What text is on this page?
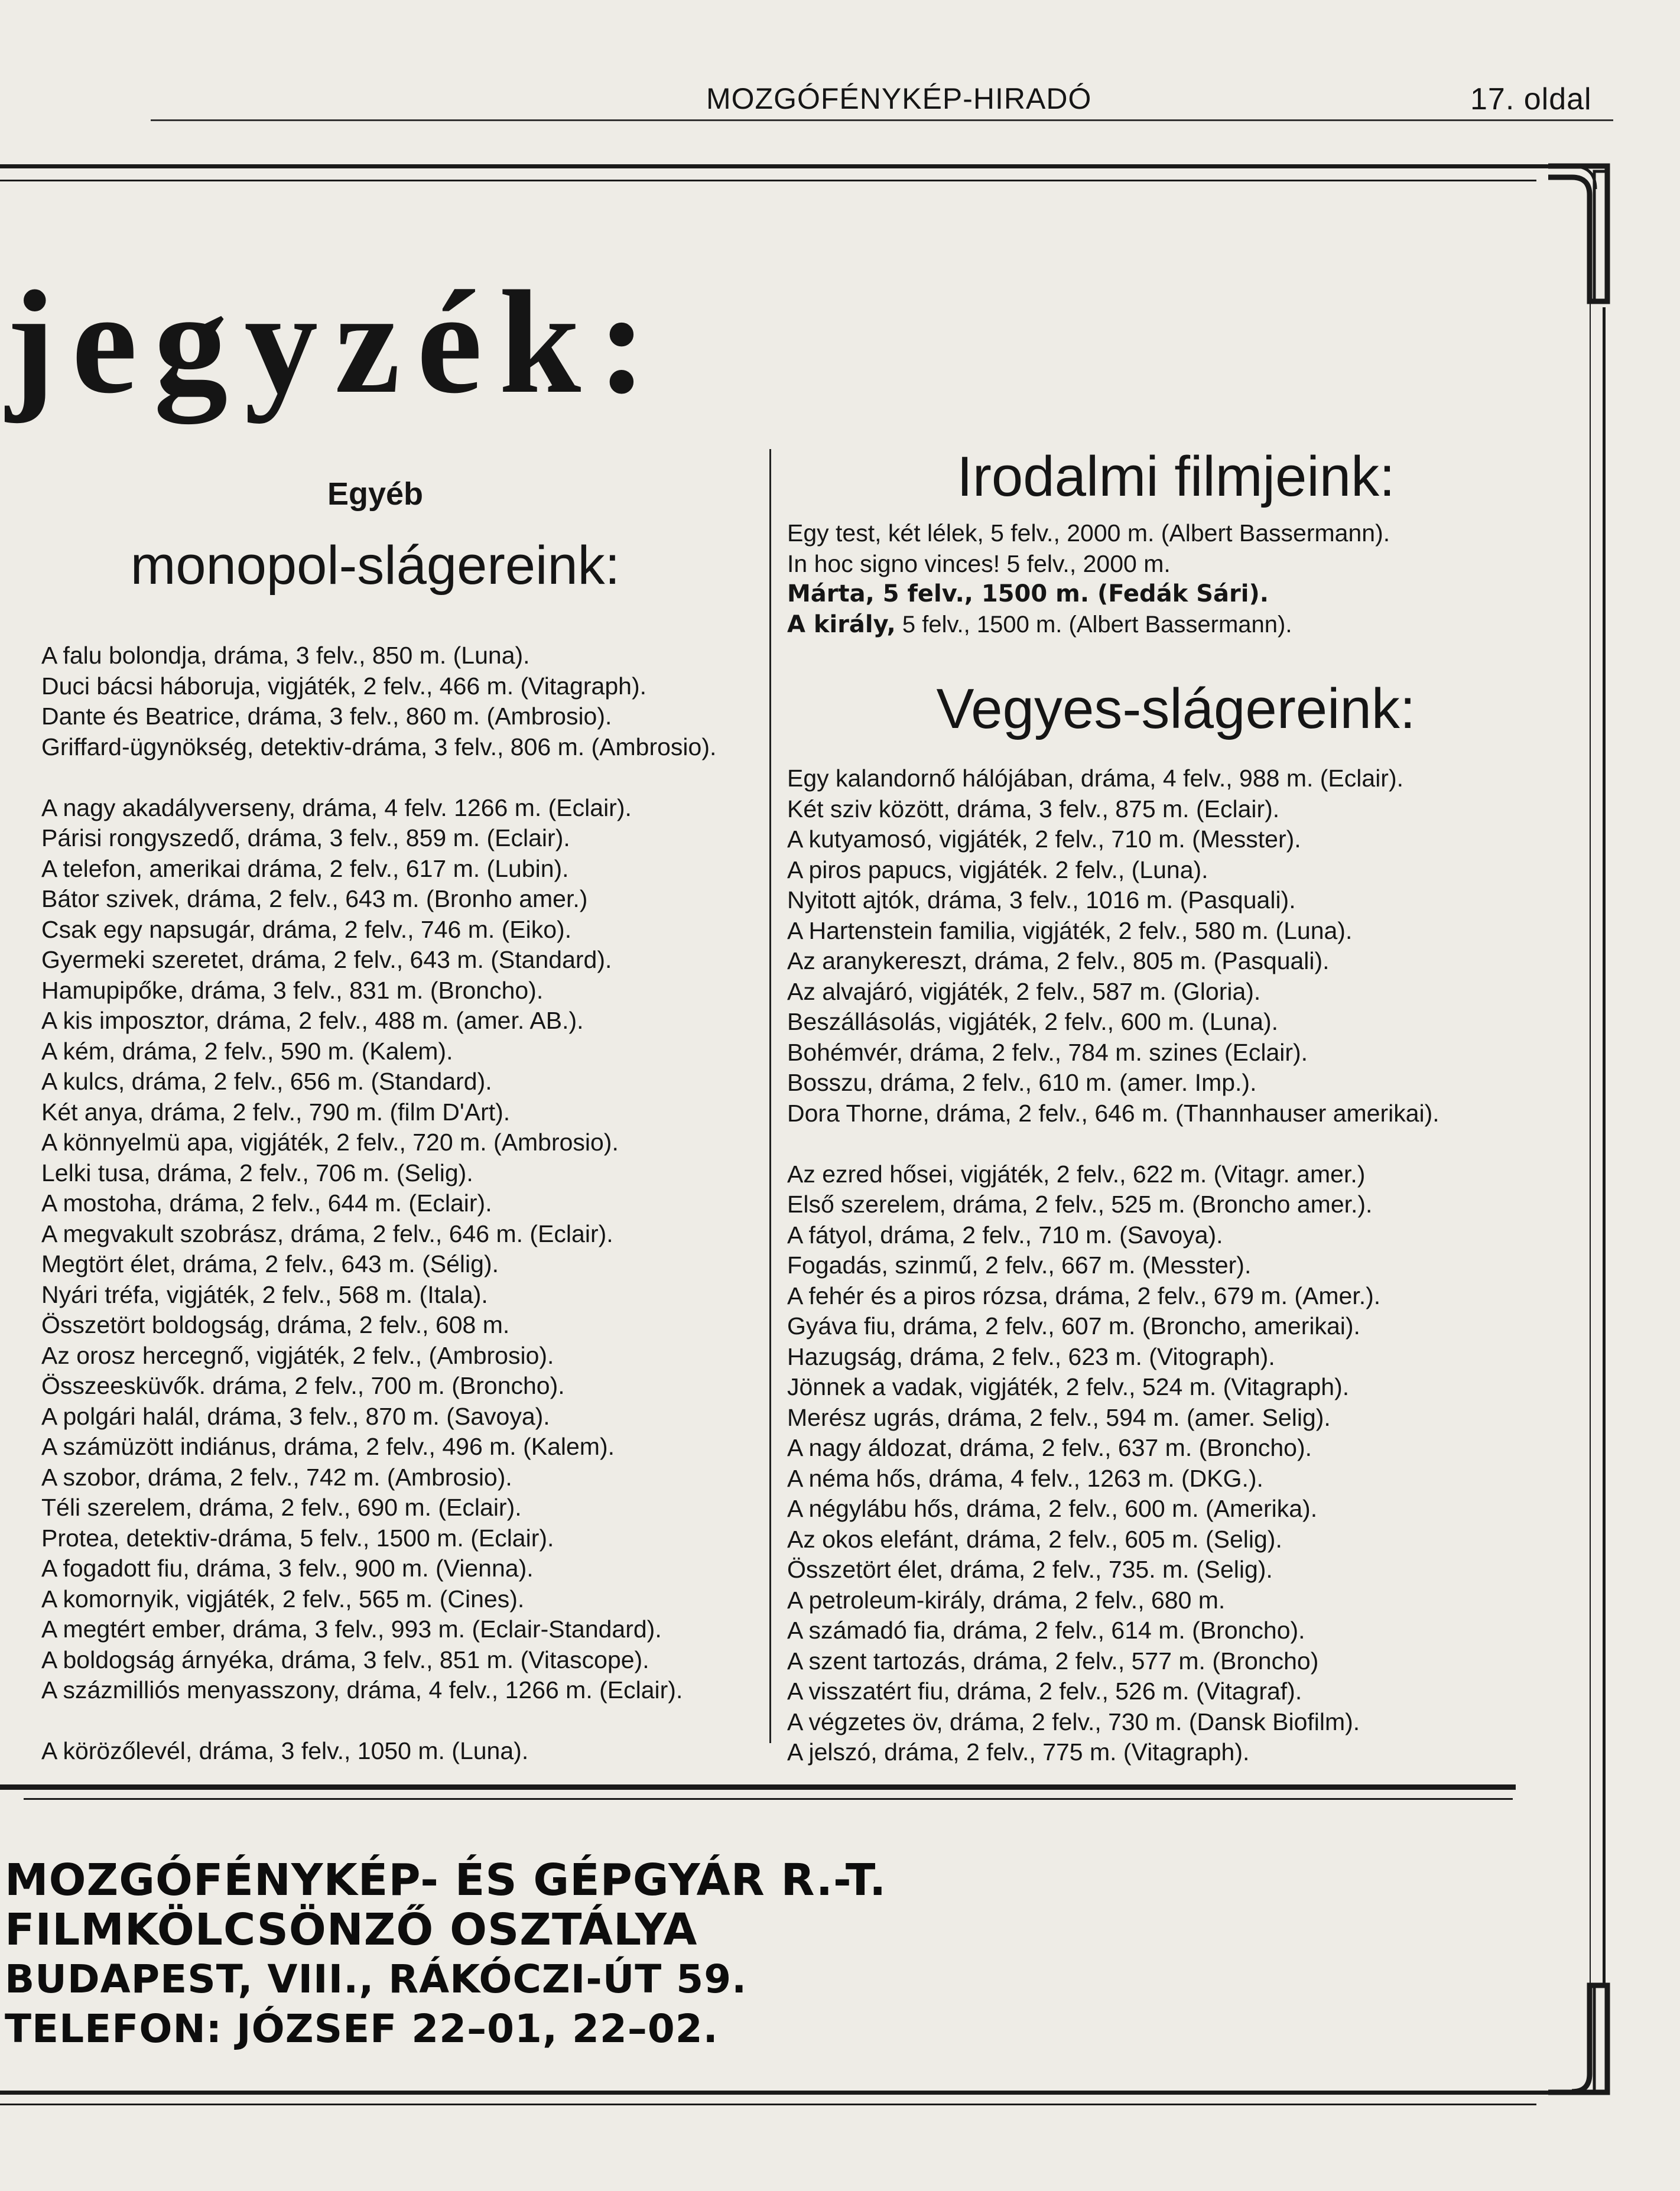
MOZGÓFÉNYKÉP-HIRADÓ	17. oldal
jegyzék:
Egyéb
monopol-slágereink:
A falu bolondja, dráma, 3 felv., 850 m. (Luna).
Duci bácsi háboruja, vigjáték, 2 felv., 466 m. (Vitagraph).
Dante és Beatrice, dráma, 3 felv., 860 m. (Ambrosio).
Griffard-ügynökség, detektiv-dráma, 3 felv., 806 m. (Ambrosio).
A nagy akadályverseny, dráma, 4 felv. 1266 m. (Eclair).
Párisi rongyszedő, dráma, 3 felv., 859 m. (Eclair).
A telefon, amerikai dráma, 2 felv., 617 m. (Lubin).
Bátor szivek, dráma, 2 felv., 643 m. (Bronho amer.)
Csak egy napsugár, dráma, 2 felv., 746 m. (Eiko).
Gyermeki szeretet, dráma, 2 felv., 643 m. (Standard).
Hamupipőke, dráma, 3 felv., 831 m. (Broncho).
A kis imposztor, dráma, 2 felv., 488 m. (amer. AB.).
A kém, dráma, 2 felv., 590 m. (Kalem).
A kulcs, dráma, 2 felv., 656 m. (Standard).
Két anya, dráma, 2 felv., 790 m. (film D'Art).
A könnyelmü apa, vigjáték, 2 felv., 720 m. (Ambrosio).
Lelki tusa, dráma, 2 felv., 706 m. (Selig).
A mostoha, dráma, 2 felv., 644 m. (Eclair).
A megvakult szobrász, dráma, 2 felv., 646 m. (Eclair).
Megtört élet, dráma, 2 felv., 643 m. (Sélig).
Nyári tréfa, vigjáték, 2 felv., 568 m. (Itala).
Összetört boldogság, dráma, 2 felv., 608 m.
Az orosz hercegnő, vigjáték, 2 felv., (Ambrosio).
Összeesküvők. dráma, 2 felv., 700 m. (Broncho).
A polgári halál, dráma, 3 felv., 870 m. (Savoya).
A számüzött indiánus, dráma, 2 felv., 496 m. (Kalem).
A szobor, dráma, 2 felv., 742 m. (Ambrosio).
Téli szerelem, dráma, 2 felv., 690 m. (Eclair).
Protea, detektiv-dráma, 5 felv., 1500 m. (Eclair).
A fogadott fiu, dráma, 3 felv., 900 m. (Vienna).
A komornyik, vigjáték, 2 felv., 565 m. (Cines).
A megtért ember, dráma, 3 felv., 993 m. (Eclair-Standard).
A boldogság árnyéka, dráma, 3 felv., 851 m. (Vitascope).
A százmilliós menyasszony, dráma, 4 felv., 1266 m. (Eclair).
A körözőlevél, dráma, 3 felv., 1050 m. (Luna).
Irodalmi filmjeink:
Egy test, két lélek, 5 felv., 2000 m. (Albert Bassermann).
In hoc signo vinces! 5 felv., 2000 m.
Márta, 5 felv., 1500 m. (Fedák Sári).
A király, 5 felv., 1500 m. (Albert Bassermann).
Vegyes-slágereink:
Egy kalandornő hálójában, dráma, 4 felv., 988 m. (Eclair).
Két sziv között, dráma, 3 felv., 875 m. (Eclair).
A kutyamosó, vigjáték, 2 felv., 710 m. (Messter).
A piros papucs, vigjáték. 2 felv., (Luna).
Nyitott ajtók, dráma, 3 felv., 1016 m. (Pasquali).
A Hartenstein familia, vigjáték, 2 felv., 580 m. (Luna).
Az aranykereszt, dráma, 2 felv., 805 m. (Pasquali).
Az alvajáró, vigjáték, 2 felv., 587 m. (Gloria).
Beszállásolás, vigjáték, 2 felv., 600 m. (Luna).
Bohémvér, dráma, 2 felv., 784 m. szines (Eclair).
Bosszu, dráma, 2 felv., 610 m. (amer. Imp.).
Dora Thorne, dráma, 2 felv., 646 m. (Thannhauser amerikai).
Az ezred hősei, vigjáték, 2 felv., 622 m. (Vitagr. amer.)
Első szerelem, dráma, 2 felv., 525 m. (Broncho amer.).
A fátyol, dráma, 2 felv., 710 m. (Savoya).
Fogadás, szinmű, 2 felv., 667 m. (Messter).
A fehér és a piros rózsa, dráma, 2 felv., 679 m. (Amer.).
Gyáva fiu, dráma, 2 felv., 607 m. (Broncho, amerikai).
Hazugság, dráma, 2 felv., 623 m. (Vitograph).
Jönnek a vadak, vigjáték, 2 felv., 524 m. (Vitagraph).
Merész ugrás, dráma, 2 felv., 594 m. (amer. Selig).
A nagy áldozat, dráma, 2 felv., 637 m. (Broncho).
A néma hős, dráma, 4 felv., 1263 m. (DKG.).
A négylábu hős, dráma, 2 felv., 600 m. (Amerika).
Az okos elefánt, dráma, 2 felv., 605 m. (Selig).
Összetört élet, dráma, 2 felv., 735. m. (Selig).
A petroleum-király, dráma, 2 felv., 680 m.
A számadó fia, dráma, 2 felv., 614 m. (Broncho).
A szent tartozás, dráma, 2 felv., 577 m. (Broncho)
A visszatért fiu, dráma, 2 felv., 526 m. (Vitagraf).
A végzetes öv, dráma, 2 felv., 730 m. (Dansk Biofilm).
A jelszó, dráma, 2 felv., 775 m. (Vitagraph).
MOZGÓFÉNYKÉP- ÉS GÉPGYÁR R.-T.
FILMKÖLCSÖNZŐ OSZTÁLYA
BUDAPEST, VIII., RÁKÓCZI-ÚT 59.
TELEFON: JÓZSEF 22–01, 22–02.
